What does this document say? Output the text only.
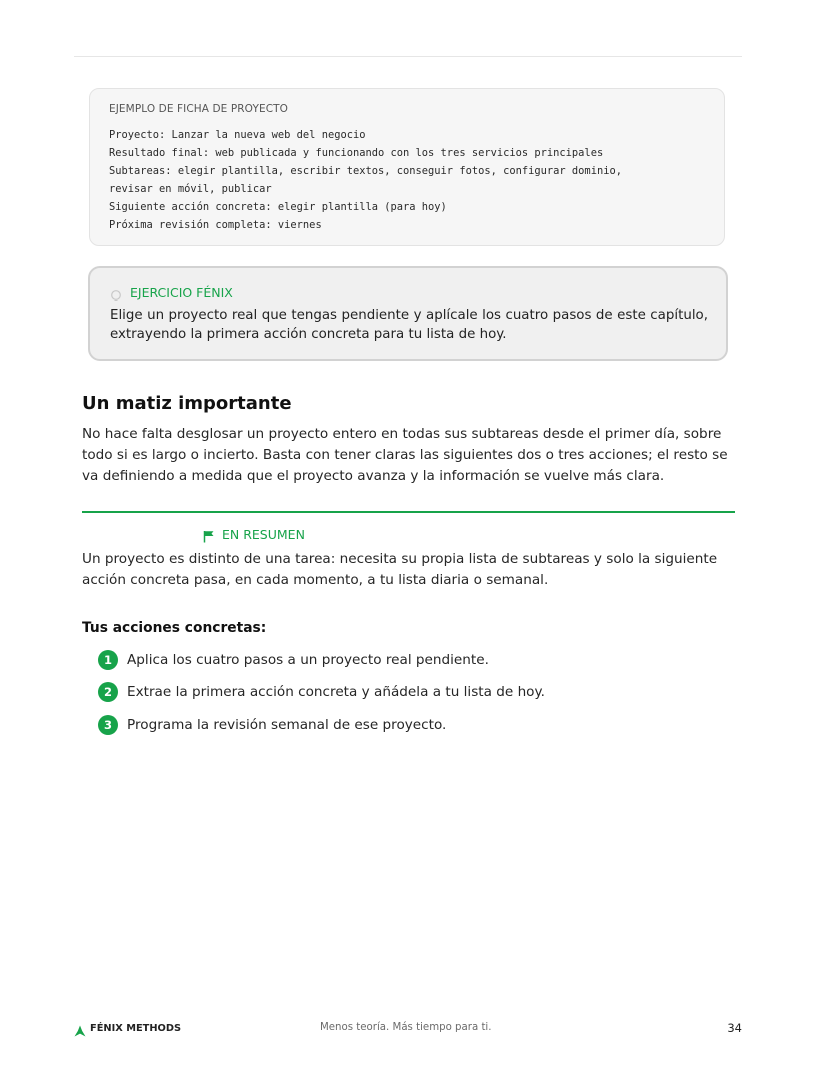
EJEMPLO DE FICHA DE PROYECTO
Proyecto: Lanzar la nueva web del negocio
Resultado final: web publicada y funcionando con los tres servicios principales
Subtareas: elegir plantilla, escribir textos, conseguir fotos, configurar dominio,
revisar en móvil, publicar
Siguiente acción concreta: elegir plantilla (para hoy)
Próxima revisión completa: viernes
EJERCICIO FÉNIX
Elige un proyecto real que tengas pendiente y aplícale los cuatro pasos de este capítulo, extrayendo la primera acción concreta para tu lista de hoy.
Un matiz importante
No hace falta desglosar un proyecto entero en todas sus subtareas desde el primer día, sobre todo si es largo o incierto. Basta con tener claras las siguientes dos o tres acciones; el resto se va definiendo a medida que el proyecto avanza y la información se vuelve más clara.
EN RESUMEN
Un proyecto es distinto de una tarea: necesita su propia lista de subtareas y solo la siguiente acción concreta pasa, en cada momento, a tu lista diaria o semanal.
Tus acciones concretas:
1	Aplica los cuatro pasos a un proyecto real pendiente.
2	Extrae la primera acción concreta y añádela a tu lista de hoy.
3	Programa la revisión semanal de ese proyecto.
FÉNIX METHODS	Menos teoría. Más tiempo para ti.	34
